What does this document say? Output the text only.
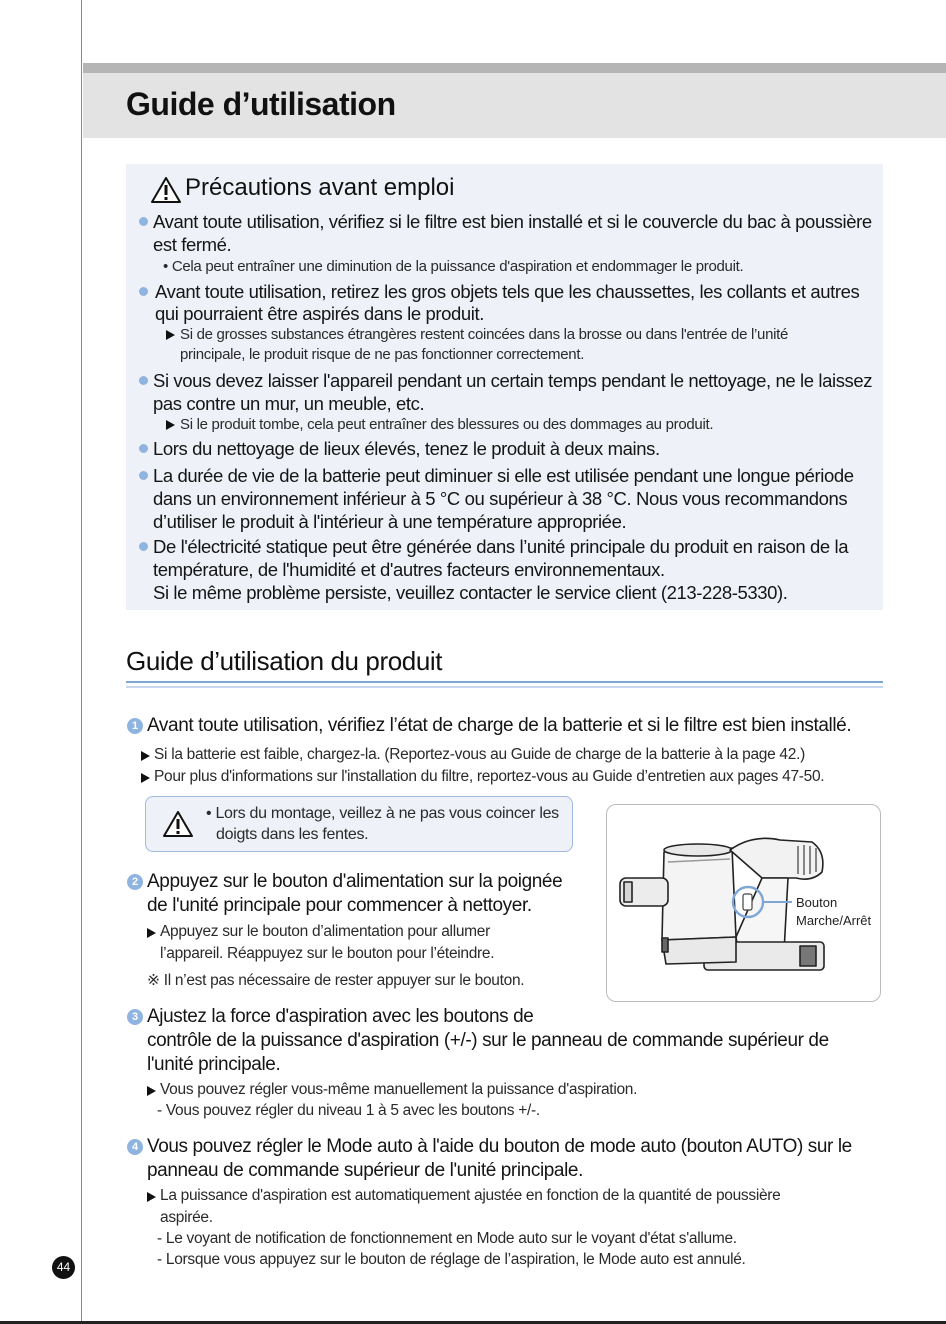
Guide d’utilisation
Précautions avant emploi
Avant toute utilisation, vérifiez si le filtre est bien installé et si le couvercle du bac à poussière
est fermé.
• Cela peut entraîner une diminution de la puissance d'aspiration et endommager le produit.
Avant toute utilisation, retirez les gros objets tels que les chaussettes, les collants et autres
qui pourraient être aspirés dans le produit.
Si de grosses substances étrangères restent coincées dans la brosse ou dans l'entrée de l’unité
principale, le produit risque de ne pas fonctionner correctement.
Si vous devez laisser l'appareil pendant un certain temps pendant le nettoyage, ne le laissez
pas contre un mur, un meuble, etc.
Si le produit tombe, cela peut entraîner des blessures ou des dommages au produit.
Lors du nettoyage de lieux élevés, tenez le produit à deux mains.
La durée de vie de la batterie peut diminuer si elle est utilisée pendant une longue période
dans un environnement inférieur à 5 °C ou supérieur à 38 °C. Nous vous recommandons
d’utiliser le produit à l'intérieur à une température appropriée.
De l'électricité statique peut être générée dans l’unité principale du produit en raison de la
température, de l'humidité et d'autres facteurs environnementaux.
Si le même problème persiste, veuillez contacter le service client (213-228-5330).
Guide d’utilisation du produit
1 Avant toute utilisation, vérifiez l’état de charge de la batterie et si le filtre est bien installé.
Si la batterie est faible, chargez-la. (Reportez-vous au Guide de charge de la batterie à la page 42.)
Pour plus d'informations sur l'installation du filtre, reportez-vous au Guide d’entretien aux pages 47-50.
• Lors du montage, veillez à ne pas vous coincer les
doigts dans les fentes.
2 Appuyez sur le bouton d'alimentation sur la poignée
de l'unité principale pour commencer à nettoyer.
Appuyez sur le bouton d’alimentation pour allumer
l’appareil. Réappuyez sur le bouton pour l’éteindre.
※ Il n’est pas nécessaire de rester appuyer sur le bouton.
Bouton
Marche/Arrêt
3 Ajustez la force d'aspiration avec les boutons de
contrôle de la puissance d'aspiration (+/-) sur le panneau de commande supérieur de
l'unité principale.
Vous pouvez régler vous-même manuellement la puissance d'aspiration.
- Vous pouvez régler du niveau 1 à 5 avec les boutons +/-.
4 Vous pouvez régler le Mode auto à l'aide du bouton de mode auto (bouton AUTO) sur le
panneau de commande supérieur de l'unité principale.
La puissance d'aspiration est automatiquement ajustée en fonction de la quantité de poussière
aspirée.
- Le voyant de notification de fonctionnement en Mode auto sur le voyant d'état s'allume.
- Lorsque vous appuyez sur le bouton de réglage de l’aspiration, le Mode auto est annulé.
44
